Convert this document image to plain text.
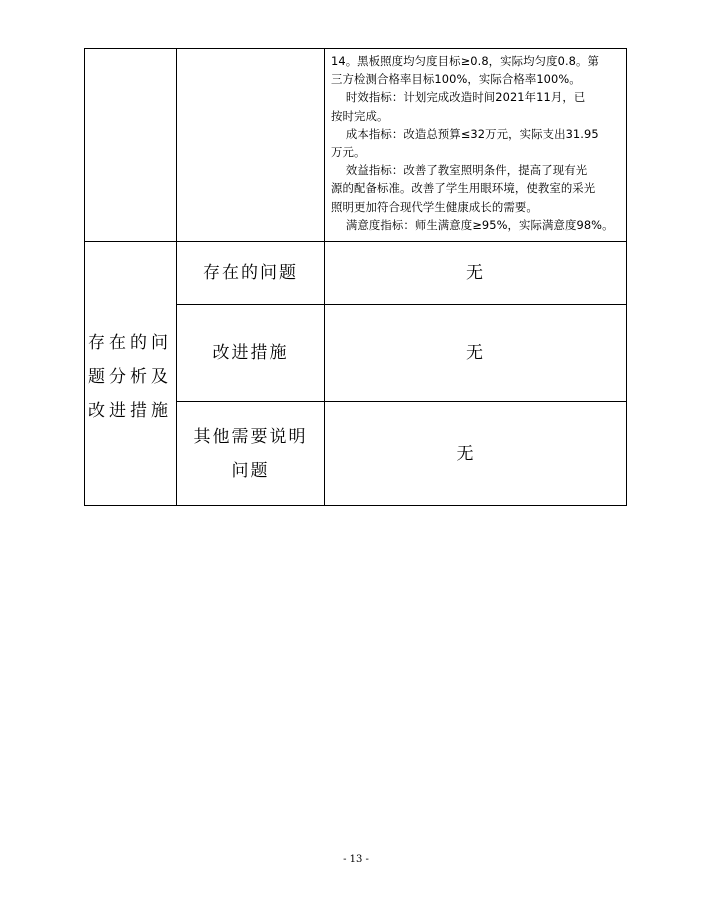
14。黑板照度均匀度目标≥0.8，实际均匀度0.8。第

三方检测合格率目标100%，实际合格率100%。

时效指标：计划完成改造时间2021年11月，已

按时完成。

成本指标：改造总预算≤32万元，实际支出31.95

万元。

效益指标：改善了教室照明条件，提高了现有光

源的配备标准。改善了学生用眼环境，使教室的采光

照明更加符合现代学生健康成长的需要。

满意度指标：师生满意度≥95%，实际满意度98%。

存在的问
题分析及
改进措施
存在的问题	无
改进措施	无
其他需要说明
问题
无
- 13 -
